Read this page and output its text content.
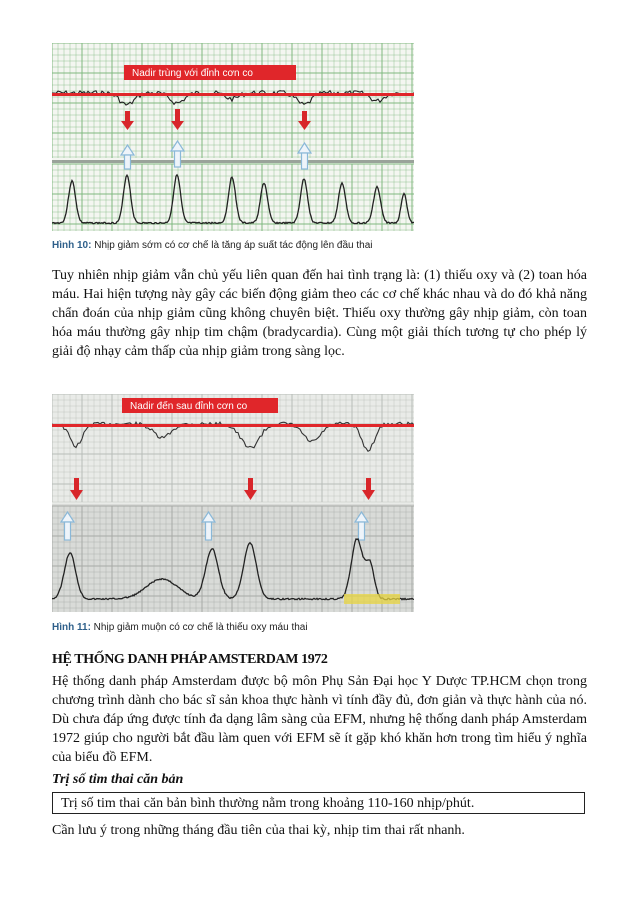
Nadir trùng với đỉnh cơn co
Hình 10: Nhịp giảm sớm có cơ chế là tăng áp suất tác động lên đầu thai

Tuy nhiên nhịp giảm vẫn chủ yếu liên quan đến hai tình trạng là: (1) thiếu oxy và (2) toan hóa máu. Hai hiện tượng này gây các biến động giảm theo các cơ chế khác nhau và do đó khả năng chẩn đoán của nhịp giảm cũng không chuyên biệt. Thiếu oxy thường gây nhịp giảm, còn toan hóa máu thường gây nhịp tim chậm (bradycardia). Cùng một giải thích tương tự cho phép lý giải độ nhạy cảm thấp của nhịp giảm trong sàng lọc.

Nadir đến sau đỉnh cơn co
Hình 11: Nhịp giảm muộn có cơ chế là thiếu oxy máu thai
HỆ THỐNG DANH PHÁP AMSTERDAM 1972

Hệ thống danh pháp Amsterdam được bộ môn Phụ Sản Đại học Y Dược TP.HCM chọn trong chương trình dành cho bác sĩ sản khoa thực hành vì tính đầy đủ, đơn giản và thực hành của nó. Dù chưa đáp ứng được tính đa dạng lâm sàng của EFM, nhưng hệ thống danh pháp Amsterdam 1972 giúp cho người bắt đầu làm quen với EFM sẽ ít gặp khó khăn hơn trong tìm hiểu ý nghĩa của biểu đồ EFM.

Trị số tim thai căn bản

Trị số tim thai căn bản bình thường nằm trong khoảng 110-160 nhịp/phút.

Cần lưu ý trong những tháng đầu tiên của thai kỳ, nhịp tim thai rất nhanh.
